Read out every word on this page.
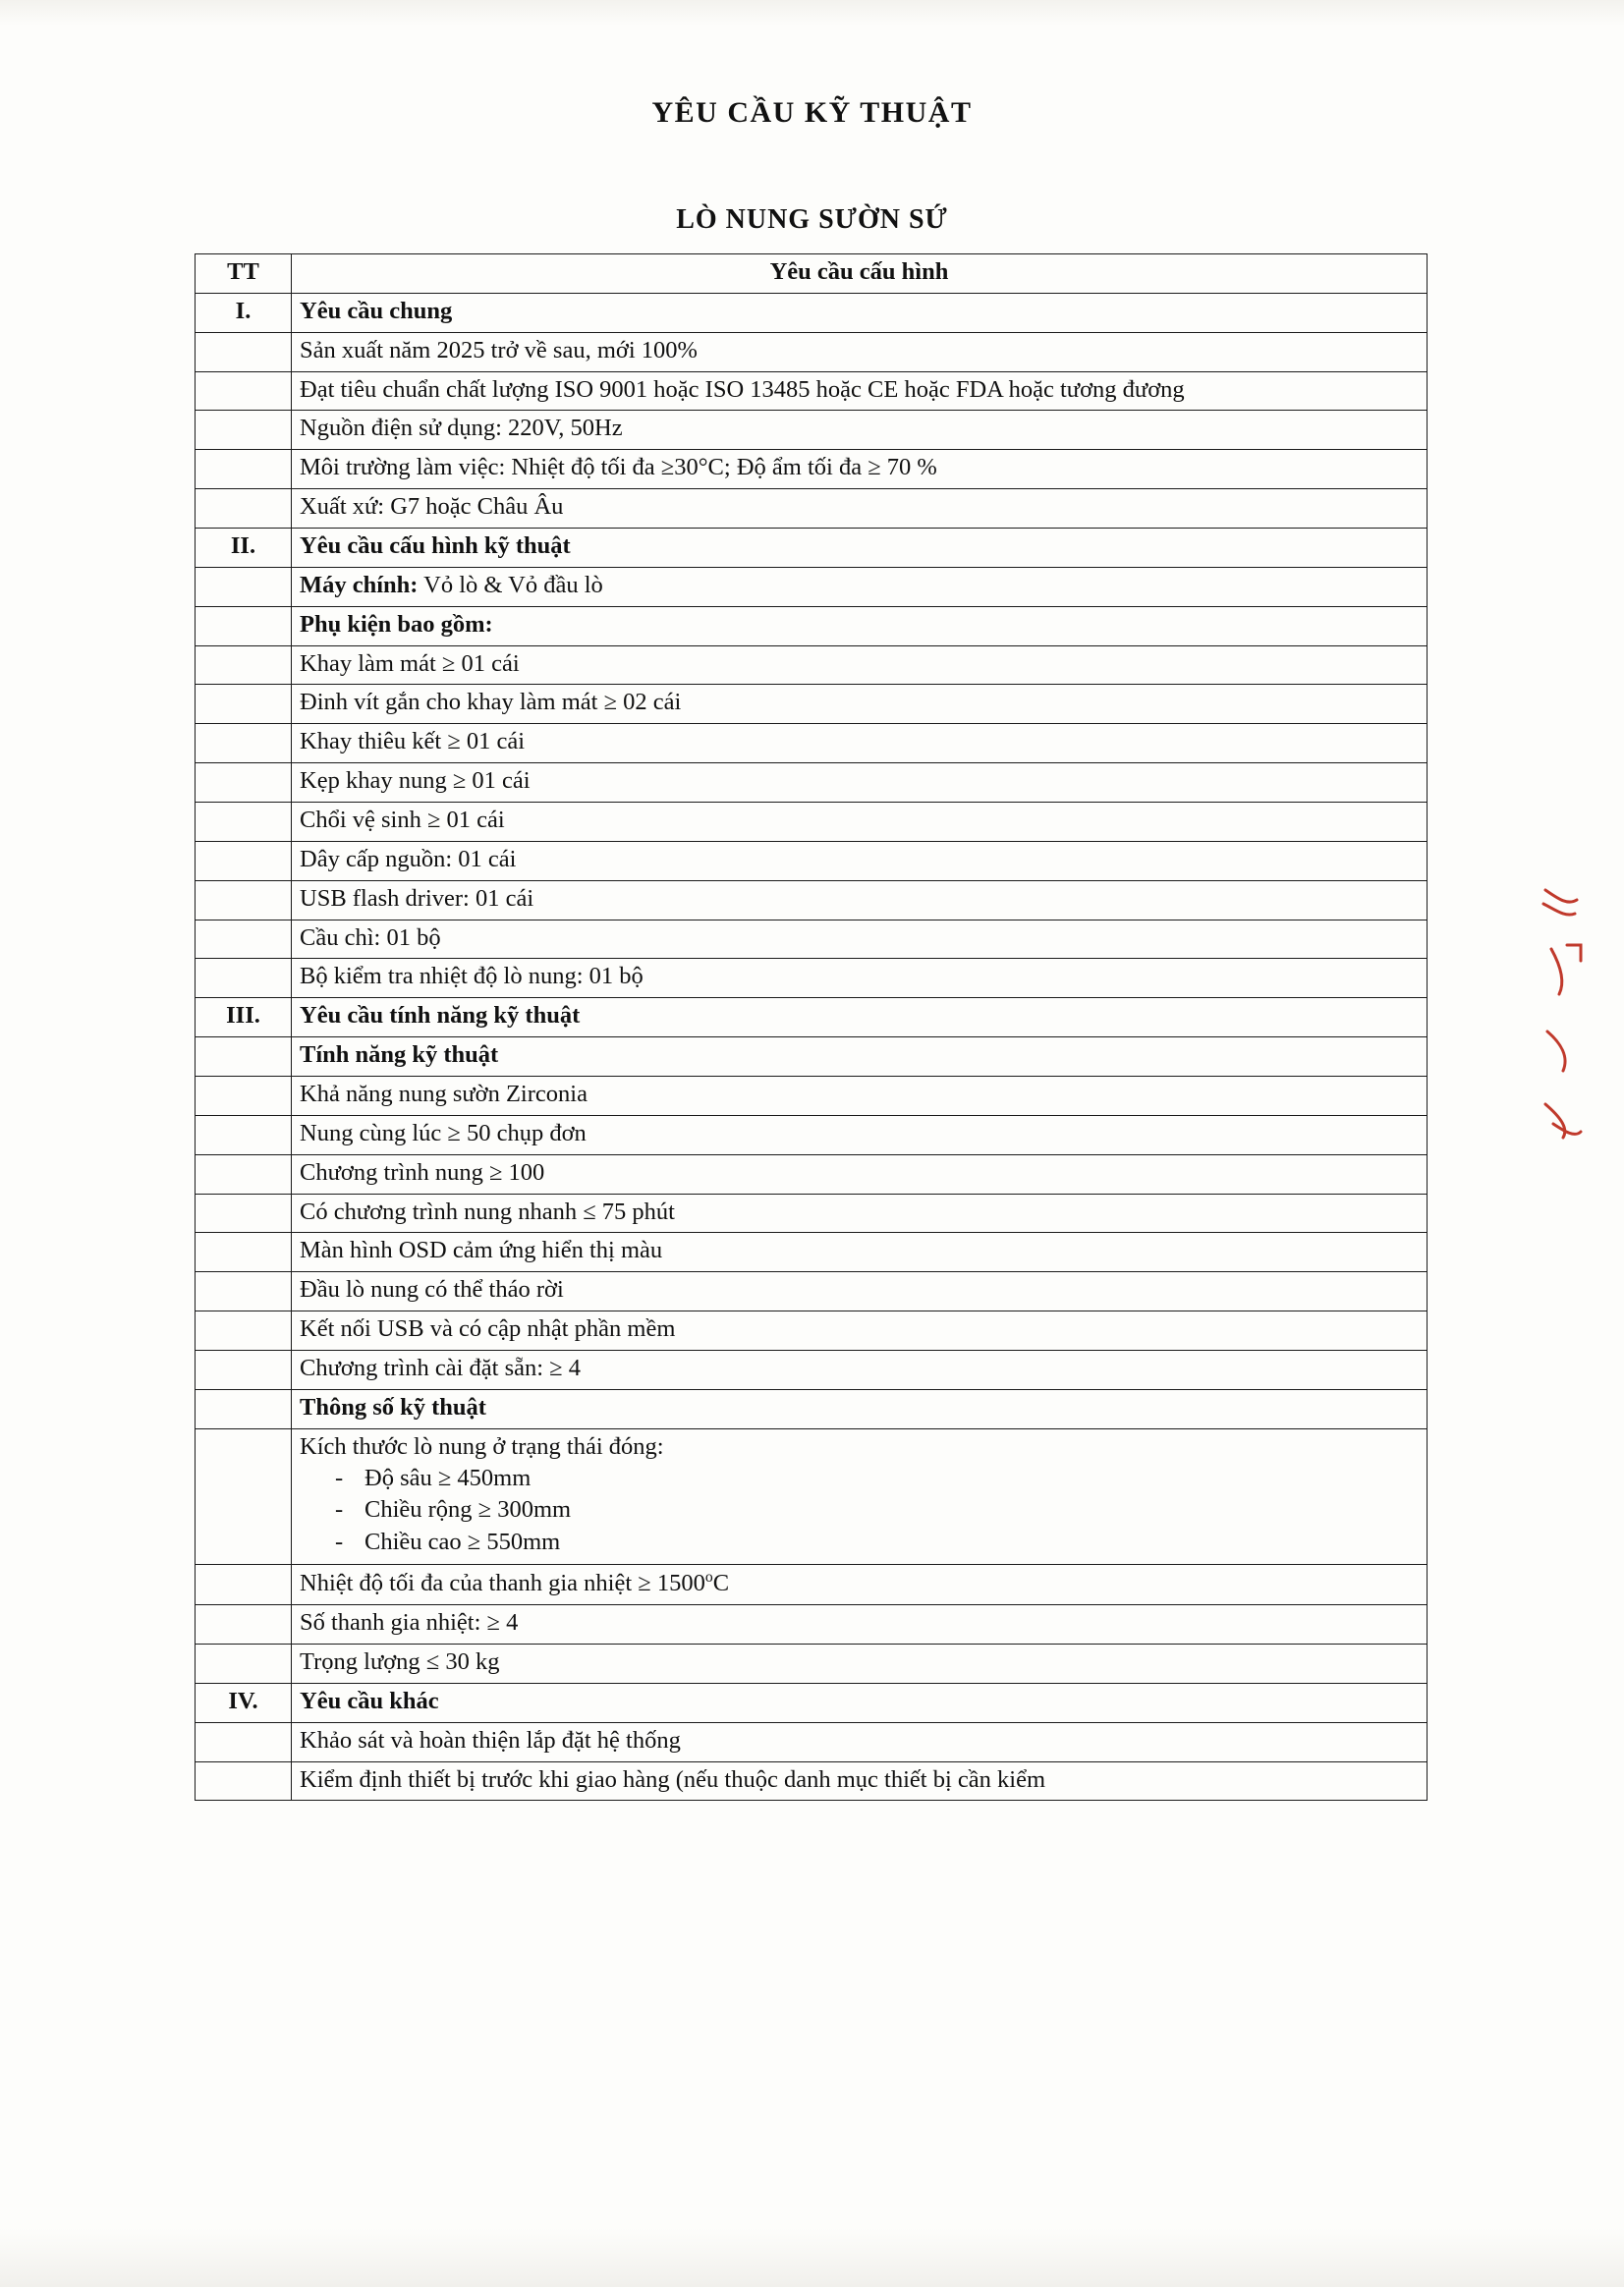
YÊU CẦU KỸ THUẬT
LÒ NUNG SƯỜN SỨ
TT	Yêu cầu cấu hình
I.	Yêu cầu chung
	Sản xuất năm 2025 trở về sau, mới 100%
	Đạt tiêu chuẩn chất lượng ISO 9001 hoặc ISO 13485 hoặc CE hoặc FDA hoặc tương đương
	Nguồn điện sử dụng: 220V, 50Hz
	Môi trường làm việc: Nhiệt độ tối đa ≥30°C; Độ ẩm tối đa ≥ 70 %
	Xuất xứ: G7 hoặc Châu Âu
II.	Yêu cầu cấu hình kỹ thuật
	Máy chính: Vỏ lò & Vỏ đầu lò
	Phụ kiện bao gồm:
	Khay làm mát ≥ 01 cái
	Đinh vít gắn cho khay làm mát ≥ 02 cái
	Khay thiêu kết ≥ 01 cái
	Kẹp khay nung ≥ 01 cái
	Chổi vệ sinh ≥ 01 cái
	Dây cấp nguồn: 01 cái
	USB flash driver: 01 cái
	Cầu chì: 01 bộ
	Bộ kiểm tra nhiệt độ lò nung: 01 bộ
III.	Yêu cầu tính năng kỹ thuật
	Tính năng kỹ thuật
	Khả năng nung sườn Zirconia
	Nung cùng lúc ≥ 50 chụp đơn
	Chương trình nung ≥ 100
	Có chương trình nung nhanh ≤ 75 phút
	Màn hình OSD cảm ứng hiển thị màu
	Đầu lò nung có thể tháo rời
	Kết nối USB và có cập nhật phần mềm
	Chương trình cài đặt sẵn: ≥ 4
	Thông số kỹ thuật

Kích thước lò nung ở trạng thái đóng:
- Độ sâu ≥ 450mm
- Chiều rộng ≥ 300mm
- Chiều cao ≥ 550mm

	Nhiệt độ tối đa của thanh gia nhiệt ≥ $1500^oC$
	Số thanh gia nhiệt: ≥ 4
	Trọng lượng ≤ 30 kg
IV.	Yêu cầu khác
	Khảo sát và hoàn thiện lắp đặt hệ thống
	Kiểm định thiết bị trước khi giao hàng (nếu thuộc danh mục thiết bị cần kiểm
